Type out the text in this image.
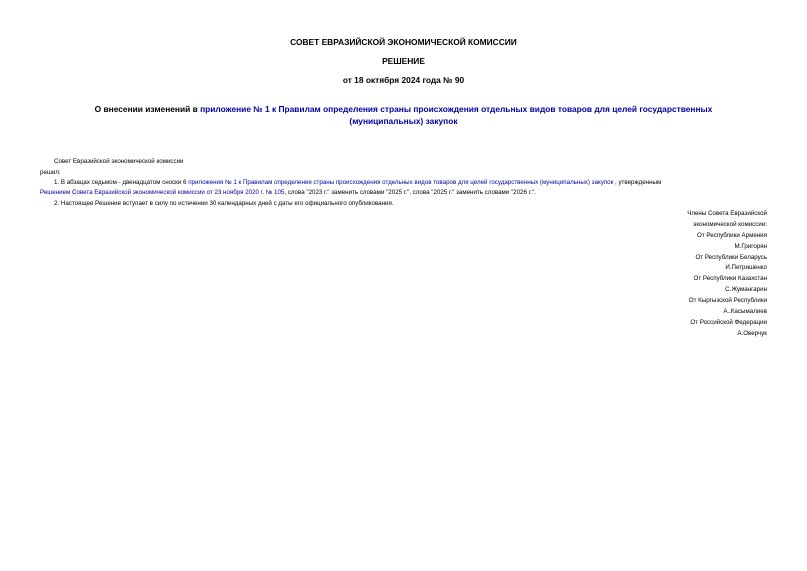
СОВЕТ ЕВРАЗИЙСКОЙ ЭКОНОМИЧЕСКОЙ КОМИССИИ
РЕШЕНИЕ
от 18 октября 2024 года № 90
О внесении изменений в приложение № 1 к Правилам определения страны происхождения отдельных видов товаров для целей государственных (муниципальных) закупок
Совет Евразийской экономической комиссии
решил:
1. В абзацах седьмом - двенадцатом сноски 6 приложения № 1 к Правилам определения страны происхождения отдельных видов товаров для целей государственных (муниципальных) закупок , утвержденным
Решением Совета Евразийской экономической комиссии от 23 ноября 2020 г. № 105, слова "2023 г." заменить словами "2025 г.", слова "2025 г." заменить словами "2026 г.".
2. Настоящее Решение вступает в силу по истечении 30 календарных дней с даты его официального опубликования.
Члены Совета Евразийской
экономической комиссии:
От Республики Армения
М.Григорян
От Республики Беларусь
И.Петришенко
От Республики Казахстан
С.Жумангарин
От Кыргызской Республики
А..Касымалиев
От Российской Федерации
А.Оверчук
